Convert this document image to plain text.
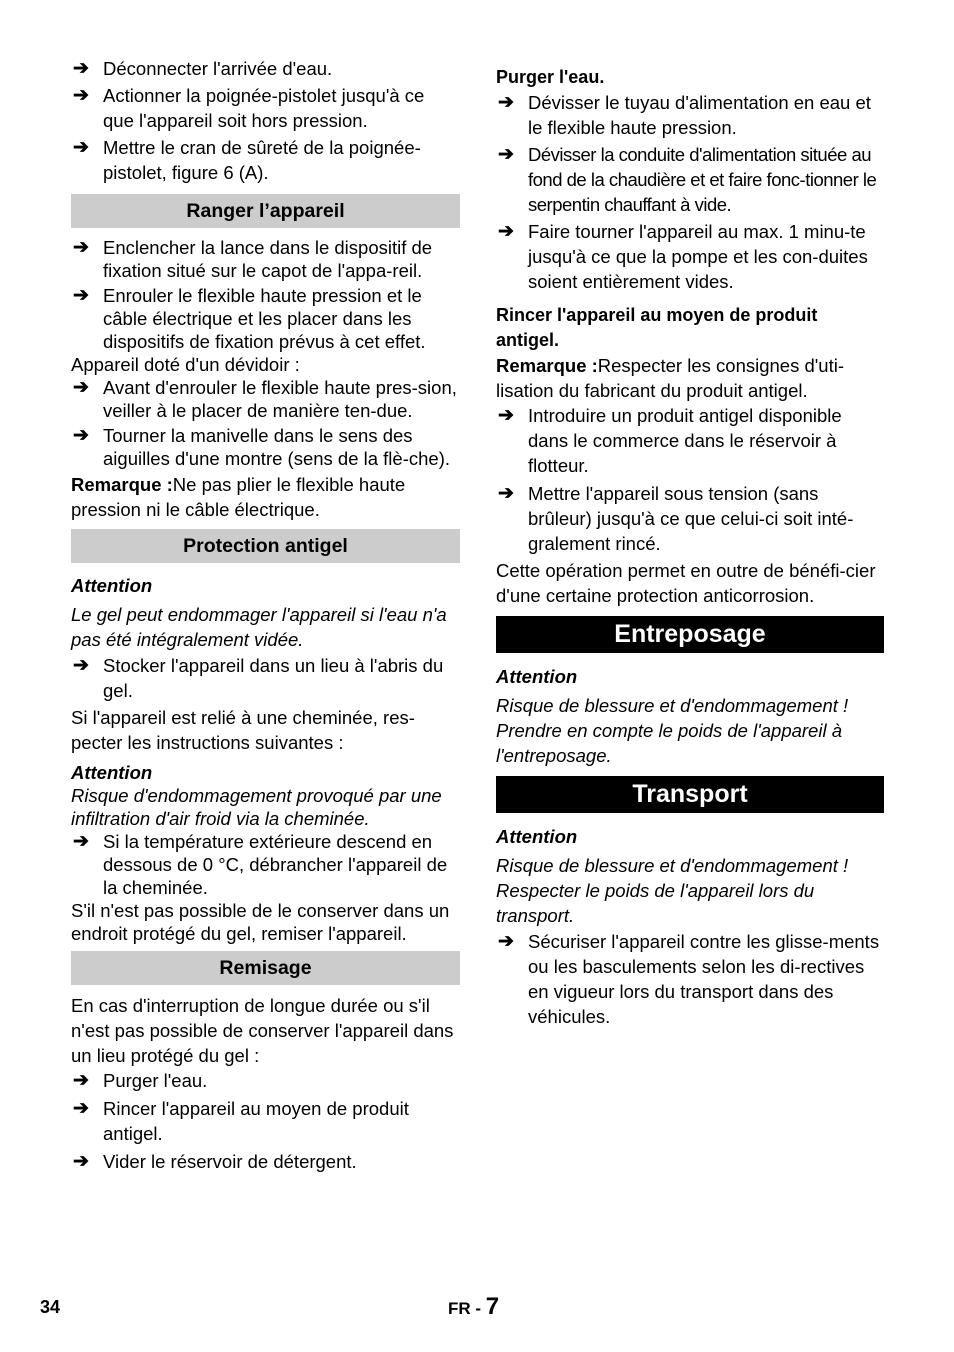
➔ Déconnecter l'arrivée d'eau.
➔ Actionner la poignée-pistolet jusqu'à ce que l'appareil soit hors pression.
➔ Mettre le cran de sûreté de la poignée-pistolet, figure 6 (A).
Ranger l’appareil
➔ Enclencher la lance dans le dispositif de fixation situé sur le capot de l'appa-reil.
➔ Enrouler le flexible haute pression et le câble électrique et les placer dans les dispositifs de fixation prévus à cet effet.

Appareil doté d'un dévidoir :

➔ Avant d'enrouler le flexible haute pres-sion, veiller à le placer de manière ten-due.
➔ Tourner la manivelle dans le sens des aiguilles d'une montre (sens de la flè-che).

Remarque :Ne pas plier le flexible haute pression ni le câble électrique.

Protection antigel
Attention

Le gel peut endommager l'appareil si l'eau n'a pas été intégralement vidée.

➔ Stocker l'appareil dans un lieu à l'abris du gel.

Si l'appareil est relié à une cheminée, res-pecter les instructions suivantes :

Attention

Risque d'endommagement provoqué par une infiltration d'air froid via la cheminée.

➔ Si la température extérieure descend en dessous de 0 °C, débrancher l'appareil de la cheminée.

S'il n'est pas possible de le conserver dans un endroit protégé du gel, remiser l'appareil.

Remisage

En cas d'interruption de longue durée ou s'il n'est pas possible de conserver l'appareil dans un lieu protégé du gel :

➔ Purger l'eau.
➔ Rincer l'appareil au moyen de produit antigel.
➔ Vider le réservoir de détergent.

Purger l'eau.

➔ Dévisser le tuyau d'alimentation en eau et le flexible haute pression.
➔ Dévisser la conduite d'alimentation située au fond de la chaudière et et faire fonc-tionner le serpentin chauffant à vide.
➔ Faire tourner l'appareil au max. 1 minu-te jusqu'à ce que la pompe et les con-duites soient entièrement vides.

Rincer l'appareil au moyen de produit antigel.

Remarque :Respecter les consignes d'uti-lisation du fabricant du produit antigel.

➔ Introduire un produit antigel disponible dans le commerce dans le réservoir à flotteur.
➔ Mettre l'appareil sous tension (sans brûleur) jusqu'à ce que celui-ci soit inté-gralement rincé.

Cette opération permet en outre de bénéfi-cier d'une certaine protection anticorrosion.

Entreposage
Attention

Risque de blessure et d'endommagement ! Prendre en compte le poids de l'appareil à l'entreposage.

Transport
Attention

Risque de blessure et d'endommagement ! Respecter le poids de l'appareil lors du transport.

➔ Sécuriser l'appareil contre les glisse-ments ou les basculements selon les di-rectives en vigueur lors du transport dans des véhicules.
34	FR - 7
